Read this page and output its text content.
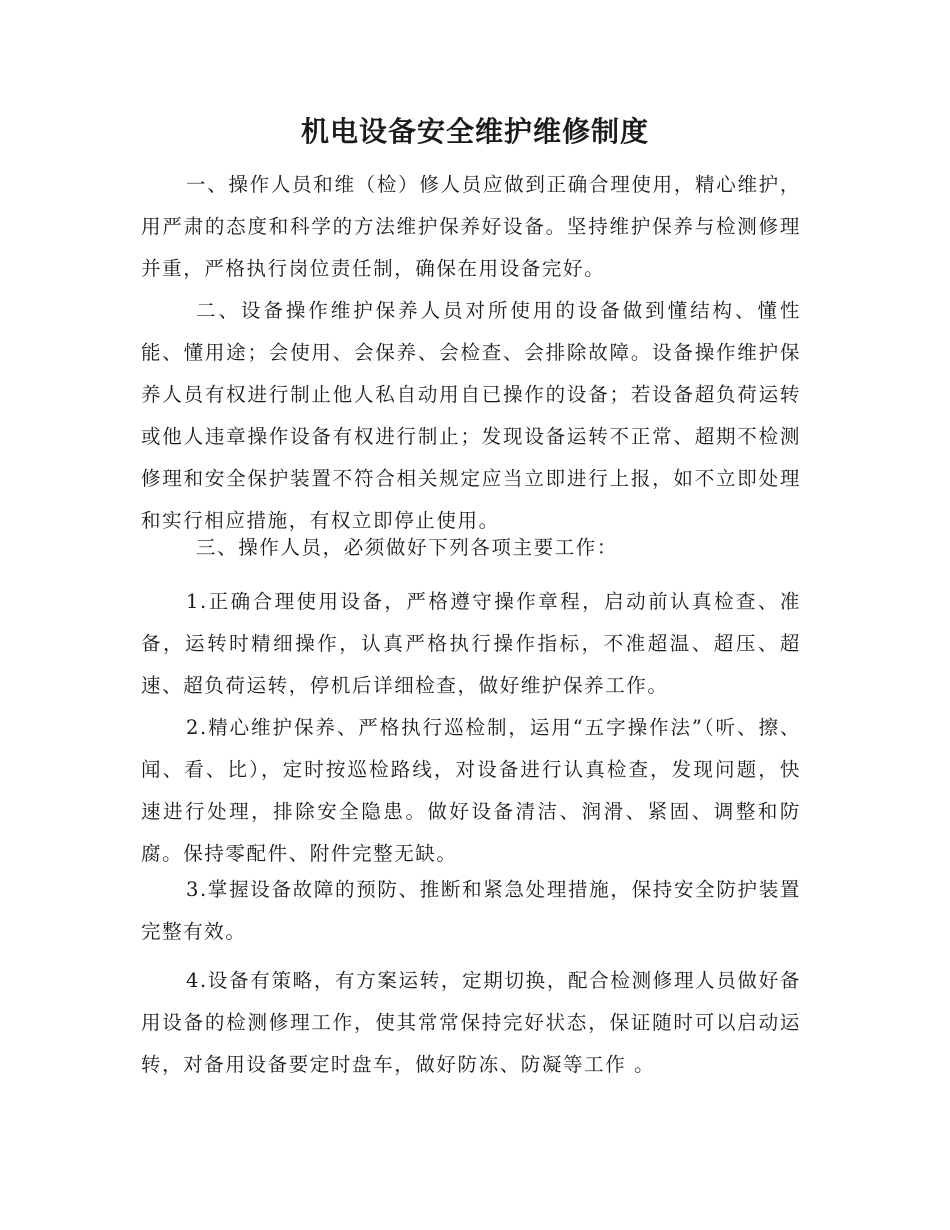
机电设备安全维护维修制度

一、操作人员和维（检）修人员应做到正确合理使用，精心维护，用严肃的态度和科学的方法维护保养好设备。坚持维护保养与检测修理并重，严格执行岗位责任制，确保在用设备完好。

二、设备操作维护保养人员对所使用的设备做到懂结构、懂性能、懂用途；会使用、会保养、会检查、会排除故障。设备操作维护保养人员有权进行制止他人私自动用自已操作的设备；若设备超负荷运转或他人违章操作设备有权进行制止；发现设备运转不正常、超期不检测修理和安全保护装置不符合相关规定应当立即进行上报，如不立即处理和实行相应措施，有权立即停止使用。

三、操作人员，必须做好下列各项主要工作：

1.正确合理使用设备，严格遵守操作章程，启动前认真检查、准备，运转时精细操作，认真严格执行操作指标，不准超温、超压、超速、超负荷运转，停机后详细检查，做好维护保养工作。

2.精心维护保养、严格执行巡检制，运用“五字操作法”（听、擦、闻、看、比），定时按巡检路线，对设备进行认真检查，发现问题，快速进行处理，排除安全隐患。做好设备清洁、润滑、紧固、调整和防腐。保持零配件、附件完整无缺。

3.掌握设备故障的预防、推断和紧急处理措施，保持安全防护装置完整有效。

4.设备有策略，有方案运转，定期切换，配合检测修理人员做好备用设备的检测修理工作，使其常常保持完好状态，保证随时可以启动运转，对备用设备要定时盘车，做好防冻、防凝等工作 。
